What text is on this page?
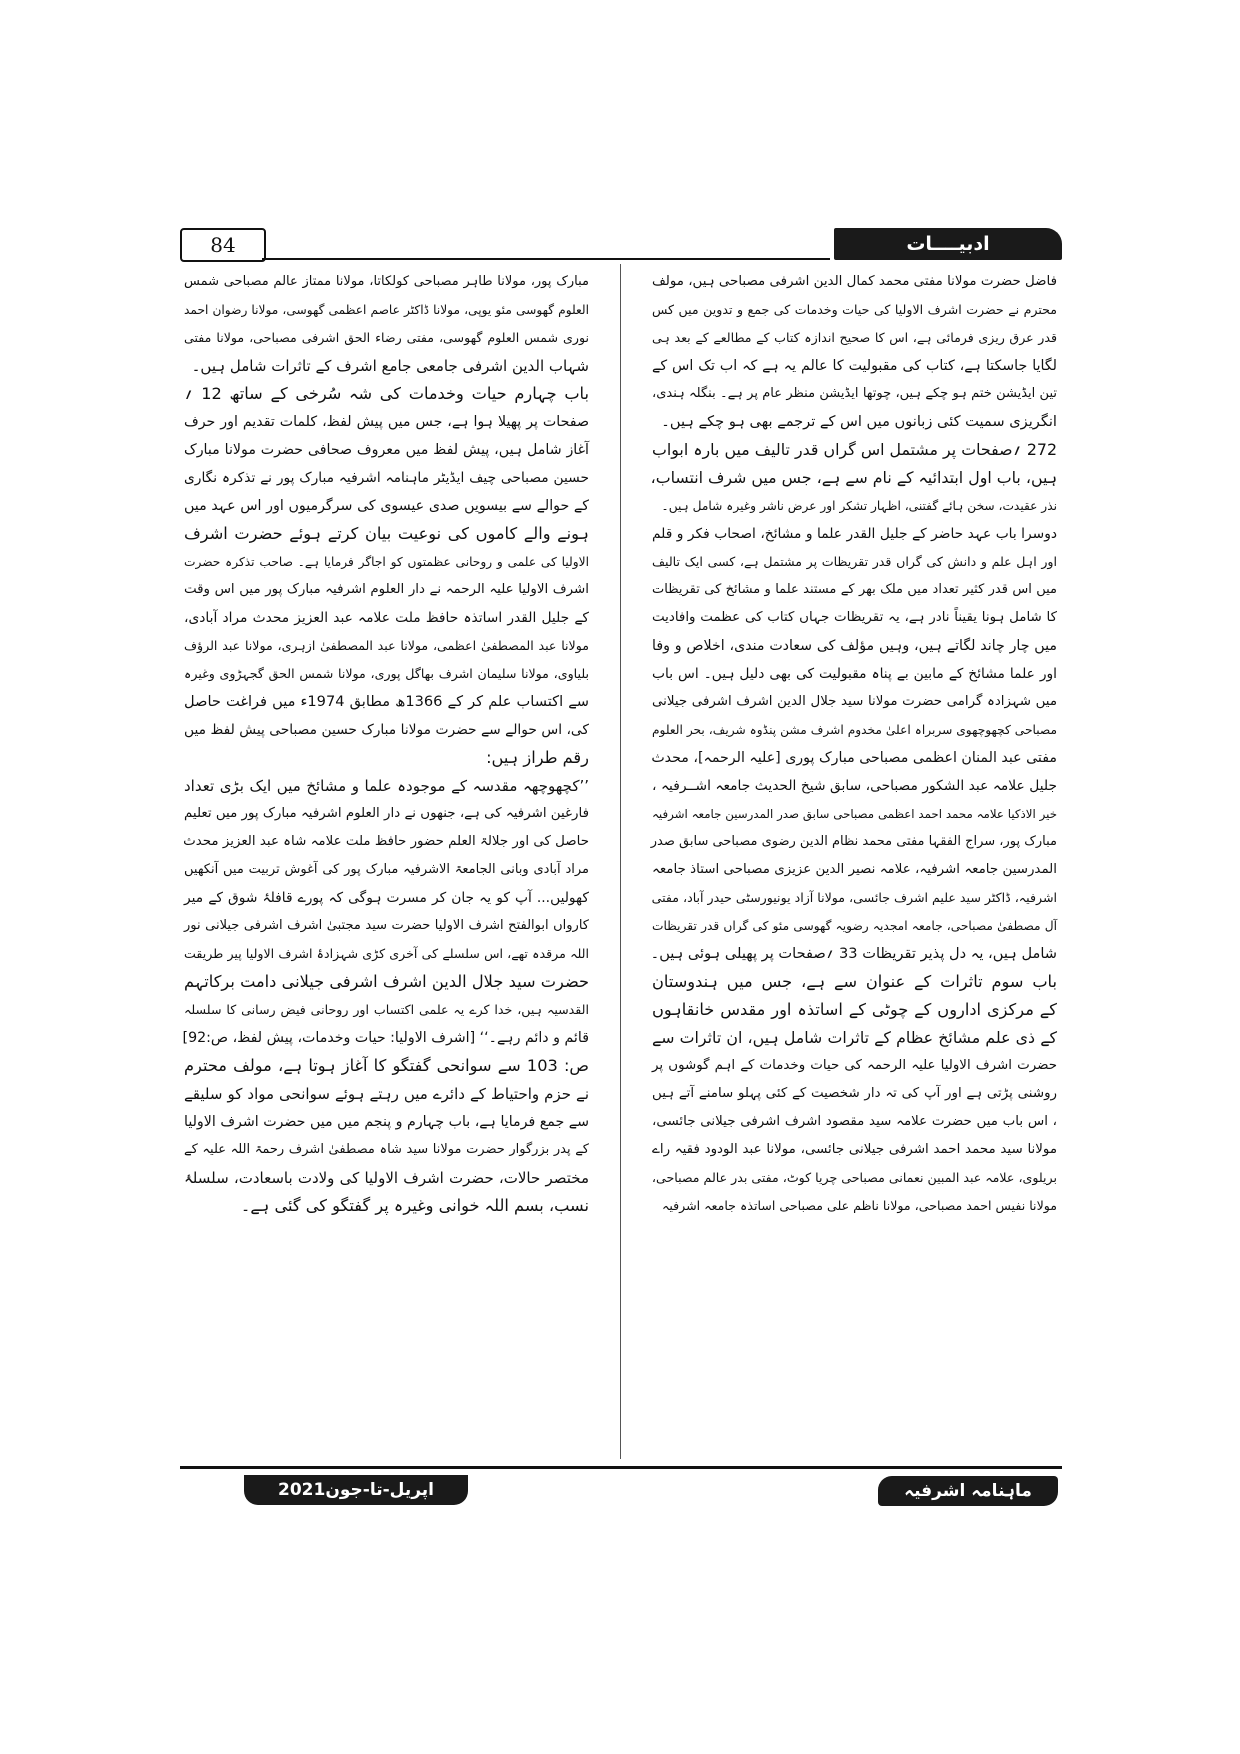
84	ادبیــــات
فاضل حضرت مولانا مفتی محمد کمال الدین اشرفی مصباحی ہیں، مولف
محترم نے حضرت اشرف الاولیا کی حیات وخدمات کی جمع و تدوین میں کس
قدر عرق ریزی فرمائی ہے، اس کا صحیح اندازہ کتاب کے مطالعے کے بعد ہی
لگایا جاسکتا ہے، کتاب کی مقبولیت کا عالم یہ ہے کہ اب تک اس کے
تین ایڈیشن ختم ہو چکے ہیں، چوتھا ایڈیشن منظر عام پر ہے۔ بنگلہ ہندی،
انگریزی سمیت کئی زبانوں میں اس کے ترجمے بھی ہو چکے ہیں۔
272 ؍صفحات پر مشتمل اس گراں قدر تالیف میں بارہ ابواب
ہیں، باب اول ابتدائیہ کے نام سے ہے، جس میں شرف انتساب،
نذر عقیدت، سخن ہائے گفتنی، اظہار تشکر اور عرض ناشر وغیرہ شامل ہیں۔
دوسرا باب عہد حاضر کے جلیل القدر علما و مشائخ، اصحاب فکر و قلم
اور اہل علم و دانش کی گراں قدر تقریظات پر مشتمل ہے، کسی ایک تالیف
میں اس قدر کثیر تعداد میں ملک بھر کے مستند علما و مشائخ کی تقریظات
کا شامل ہونا یقیناً نادر ہے، یہ تقریظات جہاں کتاب کی عظمت وافادیت
میں چار چاند لگاتے ہیں، وہیں مؤلف کی سعادت مندی، اخلاص و وفا
اور علما مشائخ کے مابین بے پناہ مقبولیت کی بھی دلیل ہیں۔ اس باب
میں شہزادہ گرامی حضرت مولانا سید جلال الدین اشرف اشرفی جیلانی
مصباحی کچھوچھوی سربراہ اعلیٰ مخدوم اشرف مشن پنڈوہ شریف، بحر العلوم
مفتی عبد المنان اعظمی مصباحی مبارک پوری [علیہ الرحمہ]، محدث
جلیل علامہ عبد الشکور مصباحی، سابق شیخ الحدیث جامعہ اشــرفیہ ،
خیر الاذکیا علامہ محمد احمد اعظمی مصباحی سابق صدر المدرسین جامعہ اشرفیہ
مبارک پور، سراج الفقہا مفتی محمد نظام الدین رضوی مصباحی سابق صدر
المدرسین جامعہ اشرفیہ، علامہ نصیر الدین عزیزی مصباحی استاذ جامعہ
اشرفیہ، ڈاکٹر سید علیم اشرف جائسی، مولانا آزاد یونیورسٹی حیدر آباد، مفتی
آل مصطفیٰ مصباحی، جامعہ امجدیہ رضویہ گھوسی مئو کی گراں قدر تقریظات
شامل ہیں، یہ دل پذیر تقریظات 33 ؍صفحات پر پھیلی ہوئی ہیں۔
باب سوم تاثرات کے عنوان سے ہے، جس میں ہندوستان
کے مرکزی اداروں کے چوٹی کے اساتذہ اور مقدس خانقاہوں
کے ذی علم مشائخ عظام کے تاثرات شامل ہیں، ان تاثرات سے
حضرت اشرف الاولیا علیہ الرحمہ کی حیات وخدمات کے اہم گوشوں پر
روشنی پڑتی ہے اور آپ کی تہ دار شخصیت کے کئی پہلو سامنے آتے ہیں
، اس باب میں حضرت علامہ سید مقصود اشرف اشرفی جیلانی جائسی،
مولانا سید محمد احمد اشرفی جیلانی جائسی، مولانا عبد الودود فقیہ راے
بریلوی، علامہ عبد المبین نعمانی مصباحی چریا کوٹ، مفتی بدر عالم مصباحی،
مولانا نفیس احمد مصباحی، مولانا ناظم علی مصباحی اساتذہ جامعہ اشرفیہ
مبارک پور، مولانا طاہر مصباحی کولکاتا، مولانا ممتاز عالم مصباحی شمس
العلوم گھوسی مئو یوپی، مولانا ڈاکٹر عاصم اعظمی گھوسی، مولانا رضوان احمد
نوری شمس العلوم گھوسی، مفتی رضاء الحق اشرفی مصباحی، مولانا مفتی
شہاب الدین اشرفی جامعی جامع اشرف کے تاثرات شامل ہیں۔
باب چہارم حیات وخدمات کی شہ سُرخی کے ساتھ 12 ؍
صفحات پر پھیلا ہوا ہے، جس میں پیش لفظ، کلمات تقدیم اور حرف
آغاز شامل ہیں، پیش لفظ میں معروف صحافی حضرت مولانا مبارک
حسین مصباحی چیف ایڈیٹر ماہنامہ اشرفیہ مبارک پور نے تذکرہ نگاری
کے حوالے سے بیسویں صدی عیسوی کی سرگرمیوں اور اس عہد میں
ہونے والے کاموں کی نوعیت بیان کرتے ہوئے حضرت اشرف
الاولیا کی علمی و روحانی عظمتوں کو اجاگر فرمایا ہے۔ صاحب تذکرہ حضرت
اشرف الاولیا علیہ الرحمہ نے دار العلوم اشرفیہ مبارک پور میں اس وقت
کے جلیل القدر اساتذہ حافظ ملت علامہ عبد العزیز محدث مراد آبادی،
مولانا عبد المصطفیٰ اعظمی، مولانا عبد المصطفیٰ ازہری، مولانا عبد الرؤف
بلیاوی، مولانا سلیمان اشرف بھاگل پوری، مولانا شمس الحق گجہڑوی وغیرہ
سے اکتساب علم کر کے 1366ھ مطابق 1974ء میں فراغت حاصل
کی، اس حوالے سے حضرت مولانا مبارک حسین مصباحی پیش لفظ میں
رقم طراز ہیں:
’’کچھوچھہ مقدسہ کے موجودہ علما و مشائخ میں ایک بڑی تعداد
فارغین اشرفیہ کی ہے، جنھوں نے دار العلوم اشرفیہ مبارک پور میں تعلیم
حاصل کی اور جلالۃ العلم حضور حافظ ملت علامہ شاہ عبد العزیز محدث
مراد آبادی وبانی الجامعۃ الاشرفیہ مبارک پور کی آغوش تربیت میں آنکھیں
کھولیں... آپ کو یہ جان کر مسرت ہوگی کہ پورے قافلۂ شوق کے میر
کارواں ابوالفتح اشرف الاولیا حضرت سید مجتبیٰ اشرف اشرفی جیلانی نور
اللہ مرقدہ تھے، اس سلسلے کی آخری کڑی شہزادۂ اشرف الاولیا پیر طریقت
حضرت سید جلال الدین اشرف اشرفی جیلانی دامت برکاتہم
القدسیہ ہیں، خدا کرے یہ علمی اکتساب اور روحانی فیض رسانی کا سلسلہ
قائم و دائم رہے۔‘‘ [اشرف الاولیا: حیات وخدمات، پیش لفظ، ص:92]
ص: 103 سے سوانحی گفتگو کا آغاز ہوتا ہے، مولف محترم
نے حزم واحتیاط کے دائرے میں رہتے ہوئے سوانحی مواد کو سلیقے
سے جمع فرمایا ہے، باب چہارم و پنجم میں میں حضرت اشرف الاولیا
کے پدر بزرگوار حضرت مولانا سید شاہ مصطفیٰ اشرف رحمۃ اللہ علیہ کے
مختصر حالات، حضرت اشرف الاولیا کی ولادت باسعادت، سلسلۂ
نسب، بسم اللہ خوانی وغیرہ پر گفتگو کی گئی ہے۔
اپریل-تا-جون2021	ماہنامہ اشرفیہ
